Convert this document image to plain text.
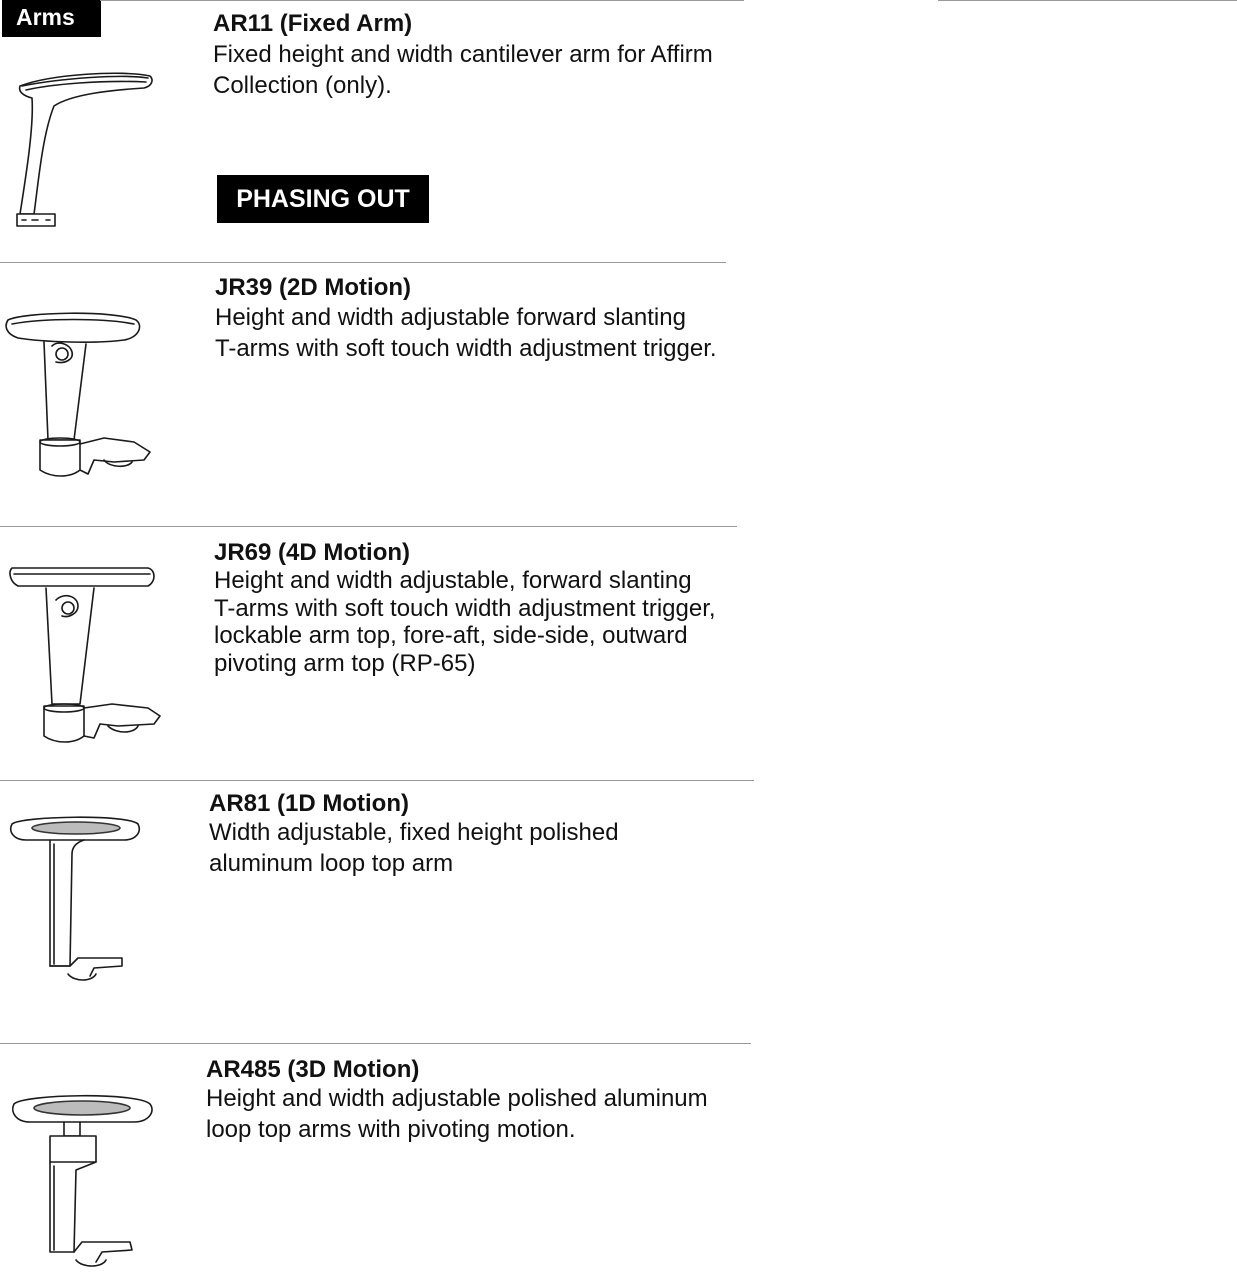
Arms	AR11 (Fixed Arm)
Fixed height and width cantilever arm for Affirm
Collection (only).
PHASING OUT
JR39 (2D Motion)
Height and width adjustable forward slanting
T-arms with soft touch width adjustment trigger.
JR69 (4D Motion)
Height and width adjustable, forward slanting
T-arms with soft touch width adjustment trigger,
lockable arm top, fore-aft, side-side, outward
pivoting arm top (RP-65)
AR81 (1D Motion)
Width adjustable, fixed height polished
aluminum loop top arm
AR485 (3D Motion)
Height and width adjustable polished aluminum
loop top arms with pivoting motion.
